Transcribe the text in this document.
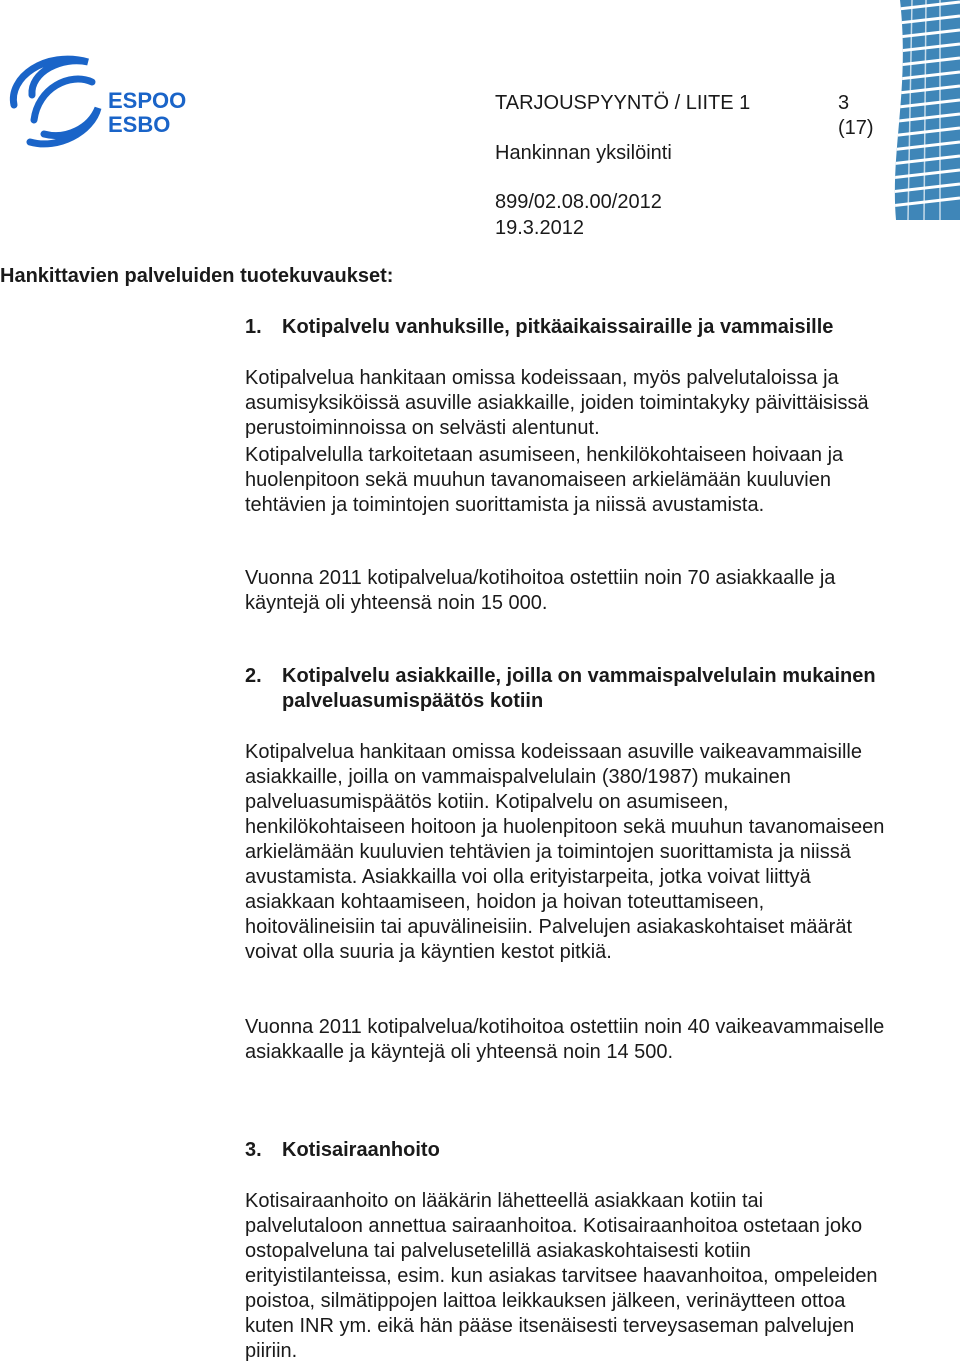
ESPOO
ESBO
TARJOUSPYYNTÖ / LIITE 1	3
(17)
Hankinnan yksilöinti
899/02.08.00/2012
19.3.2012
Hankittavien palveluiden tuotekuvaukset:
1. Kotipalvelu vanhuksille, pitkäaikaissairaille ja vammaisille

Kotipalvelua hankitaan omissa kodeissaan, myös palvelutaloissa ja asumisyksiköissä asuville asiakkaille, joiden toimintakyky päivittäisissä perustoiminnoissa on selvästi alentunut.

Kotipalvelulla tarkoitetaan asumiseen, henkilökohtaiseen hoivaan ja huolenpitoon sekä muuhun tavanomaiseen arkielämään kuuluvien tehtävien ja toimintojen suorittamista ja niissä avustamista.

Vuonna 2011 kotipalvelua/kotihoitoa ostettiin noin 70 asiakkaalle ja käyntejä oli yhteensä noin 15 000.

2. Kotipalvelu asiakkaille, joilla on vammaispalvelulain mukainen palveluasumispäätös kotiin

Kotipalvelua hankitaan omissa kodeissaan asuville vaikeavammaisille asiakkaille, joilla on vammaispalvelulain (380/1987) mukainen palveluasumispäätös kotiin. Kotipalvelu on asumiseen, henkilökohtaiseen hoitoon ja huolenpitoon sekä muuhun tavanomaiseen arkielämään kuuluvien tehtävien ja toimintojen suorittamista ja niissä avustamista. Asiakkailla voi olla erityistarpeita, jotka voivat liittyä asiakkaan kohtaamiseen, hoidon ja hoivan toteuttamiseen, hoitovälineisiin tai apuvälineisiin. Palvelujen asiakaskohtaiset määrät voivat olla suuria ja käyntien kestot pitkiä.

Vuonna 2011 kotipalvelua/kotihoitoa ostettiin noin 40 vaikeavammaiselle asiakkaalle ja käyntejä oli yhteensä noin 14 500.

3. Kotisairaanhoito

Kotisairaanhoito on lääkärin lähetteellä asiakkaan kotiin tai palvelutaloon annettua sairaanhoitoa. Kotisairaanhoitoa ostetaan joko ostopalveluna tai palvelusetelillä asiakaskohtaisesti kotiin erityistilanteissa, esim. kun asiakas tarvitsee haavanhoitoa, ompeleiden poistoa, silmätippojen laittoa leikkauksen jälkeen, verinäytteen ottoa kuten INR ym. eikä hän pääse itsenäisesti terveysaseman palvelujen piiriin.
